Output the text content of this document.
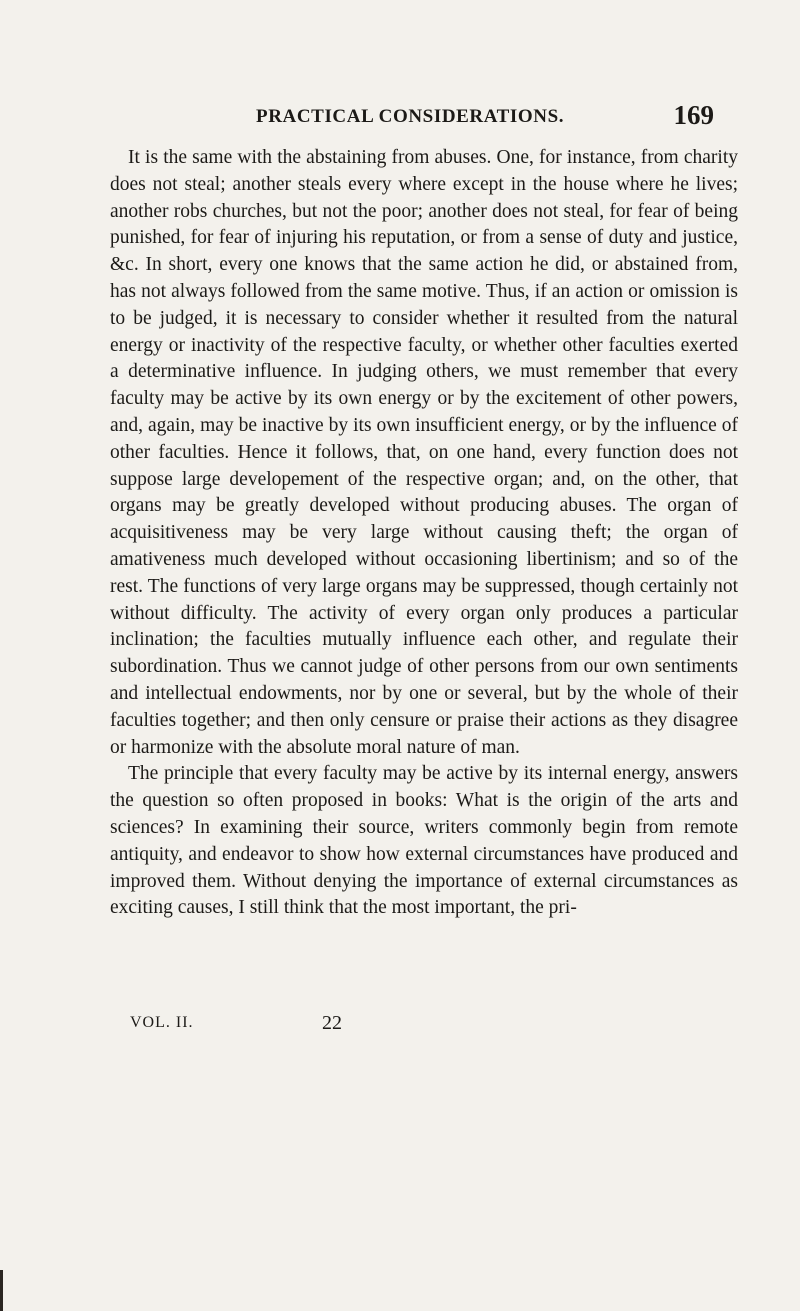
PRACTICAL CONSIDERATIONS.	169

It is the same with the abstaining from abuses. One, for instance, from charity does not steal; another steals every where except in the house where he lives; another robs churches, but not the poor; another does not steal, for fear of being punished, for fear of injuring his reputation, or from a sense of duty and justice, &c. In short, every one knows that the same action he did, or abstained from, has not always followed from the same motive. Thus, if an action or omission is to be judged, it is necessary to consider whether it resulted from the natural energy or inactivity of the respective faculty, or whether other faculties exerted a determinative influence. In judging others, we must remember that every faculty may be active by its own energy or by the excitement of other powers, and, again, may be inactive by its own insufficient energy, or by the influence of other faculties. Hence it follows, that, on one hand, every function does not suppose large developement of the respective organ; and, on the other, that organs may be greatly developed without producing abuses. The organ of acquisitiveness may be very large without causing theft; the organ of amativeness much developed without occasioning libertinism; and so of the rest. The functions of very large organs may be suppressed, though certainly not without difficulty. The activity of every organ only produces a particular inclination; the faculties mutually influence each other, and regulate their subordination. Thus we cannot judge of other persons from our own sentiments and intellectual endowments, nor by one or several, but by the whole of their faculties together; and then only censure or praise their actions as they disagree or harmonize with the absolute moral nature of man.

The principle that every faculty may be active by its internal energy, answers the question so often proposed in books: What is the origin of the arts and sciences? In examining their source, writers commonly begin from remote antiquity, and endeavor to show how external circumstances have produced and improved them. Without denying the importance of external circumstances as exciting causes, I still think that the most important, the pri-

VOL. II.	22
